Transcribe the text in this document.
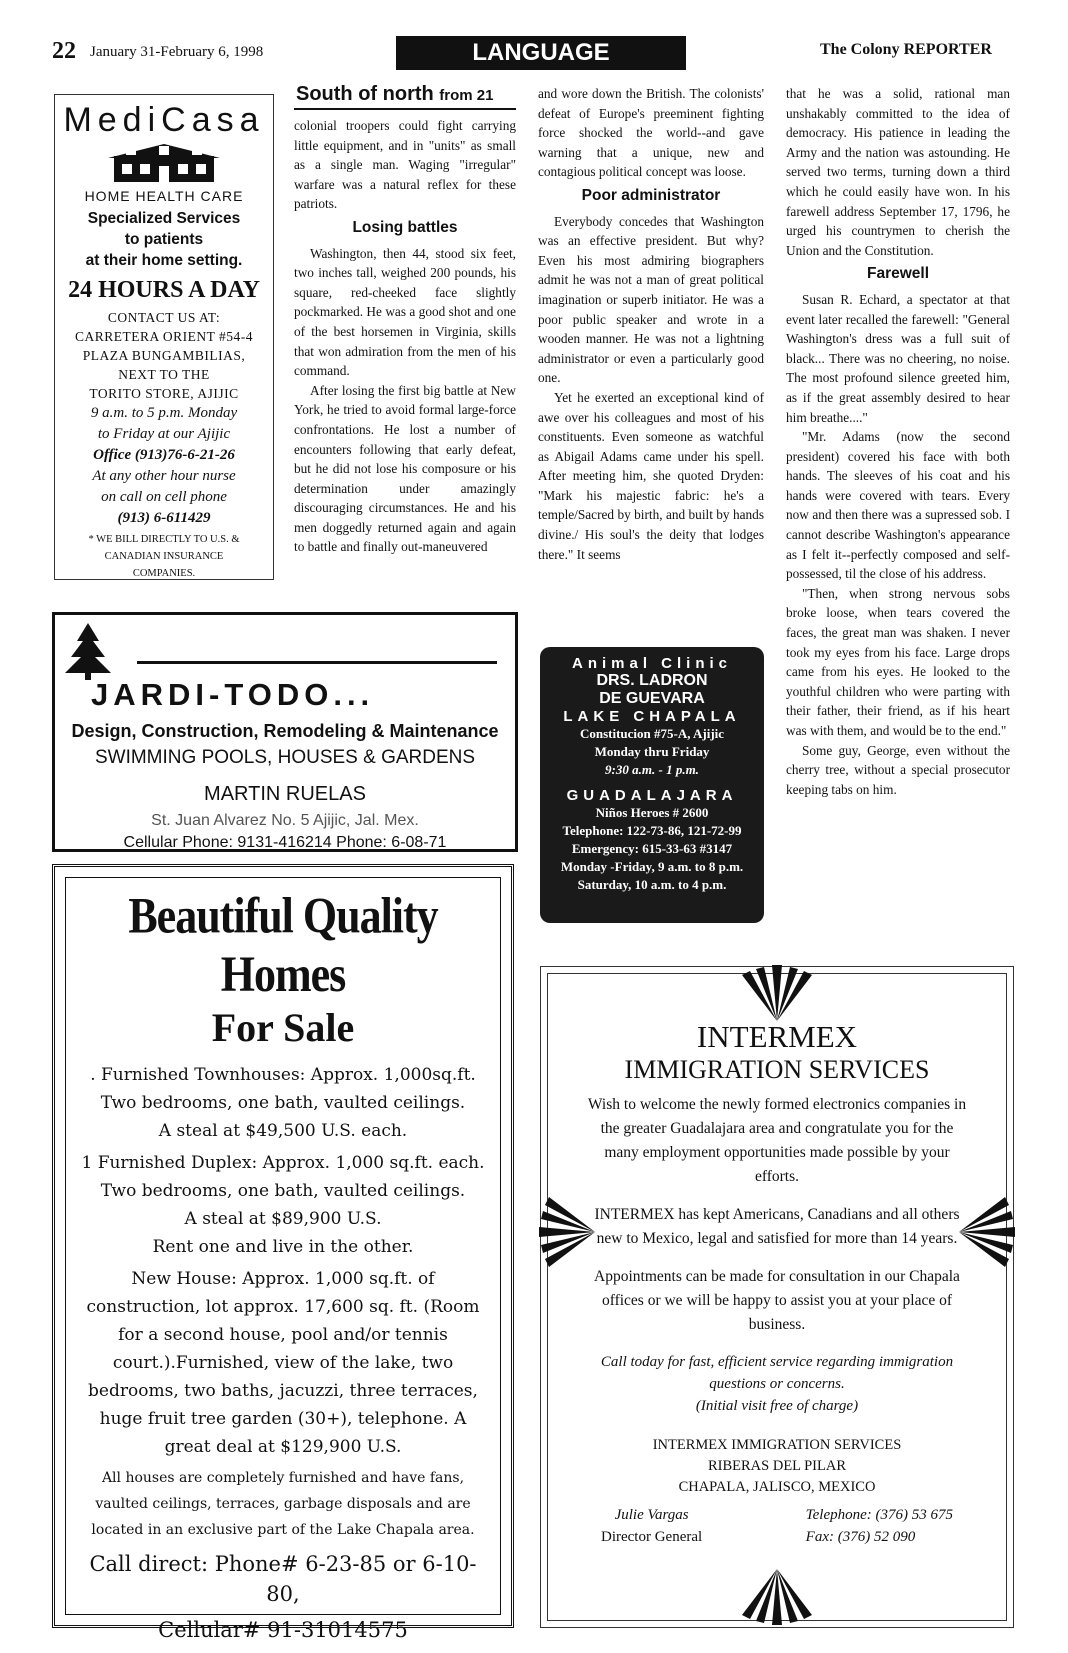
22 January 31-February 6, 1998	LANGUAGE	The Colony REPORTER
MediCasa
HOME HEALTH CARE
Specialized Services
to patients
at their home setting.
24 HOURS A DAY
CONTACT US AT:
CARRETERA ORIENT #54-4
PLAZA BUNGAMBILIAS,
NEXT TO THE
TORITO STORE, AJIJIC
9 a.m. to 5 p.m. Monday
to Friday at our Ajijic
Office (913)76-6-21-26
At any other hour nurse
on call on cell phone
(913) 6-611429
* WE BILL DIRECTLY TO U.S. &
CANADIAN INSURANCE
COMPANIES.
South of north from 21

colonial troopers could fight carrying little equipment, and in "units" as small as a single man. Waging "irregular" warfare was a natural reflex for these patriots.

Losing battles

Washington, then 44, stood six feet, two inches tall, weighed 200 pounds, his square, red-cheeked face slightly pockmarked. He was a good shot and one of the best horsemen in Virginia, skills that won admiration from the men of his command.

After losing the first big battle at New York, he tried to avoid formal large-force confrontations. He lost a number of encounters following that early defeat, but he did not lose his composure or his determination under amazingly discouraging circumstances. He and his men doggedly returned again and again to battle and finally out-maneuvered

and wore down the British. The colonists' defeat of Europe's preeminent fighting force shocked the world--and gave warning that a unique, new and contagious political concept was loose.

Poor administrator

Everybody concedes that Washington was an effective president. But why? Even his most admiring biographers admit he was not a man of great political imagination or superb initiator. He was a poor public speaker and wrote in a wooden manner. He was not a lightning administrator or even a particularly good one.

Yet he exerted an exceptional kind of awe over his colleagues and most of his constituents. Even someone as watchful as Abigail Adams came under his spell. After meeting him, she quoted Dryden: "Mark his majestic fabric: he's a temple/Sacred by birth, and built by hands divine./ His soul's the deity that lodges there." It seems

that he was a solid, rational man unshakably committed to the idea of democracy. His patience in leading the Army and the nation was astounding. He served two terms, turning down a third which he could easily have won. In his farewell address September 17, 1796, he urged his countrymen to cherish the Union and the Constitution.

Farewell

Susan R. Echard, a spectator at that event later recalled the farewell: "General Washington's dress was a full suit of black... There was no cheering, no noise. The most profound silence greeted him, as if the great assembly desired to hear him breathe...."

"Mr. Adams (now the second president) covered his face with both hands. The sleeves of his coat and his hands were covered with tears. Every now and then there was a supressed sob. I cannot describe Washington's appearance as I felt it--perfectly composed and self-possessed, til the close of his address.

"Then, when strong nervous sobs broke loose, when tears covered the faces, the great man was shaken. I never took my eyes from his face. Large drops came from his eyes. He looked to the youthful children who were parting with their father, their friend, as if his heart was with them, and would be to the end."

Some guy, George, even without the cherry tree, without a special prosecutor keeping tabs on him.

JARDI-TODO...
Design, Construction, Remodeling & Maintenance
SWIMMING POOLS, HOUSES & GARDENS
MARTIN RUELAS
St. Juan Alvarez No. 5 Ajijic, Jal. Mex.
Cellular Phone: 9131-416214 Phone: 6-08-71
Beautiful Quality Homes
For Sale

. Furnished Townhouses: Approx. 1,000sq.ft.
Two bedrooms, one bath, vaulted ceilings.
A steal at $49,500 U.S. each.

1 Furnished Duplex: Approx. 1,000 sq.ft. each.
Two bedrooms, one bath, vaulted ceilings.
A steal at $89,900 U.S.
Rent one and live in the other.

New House: Approx. 1,000 sq.ft. of construction, lot approx. 17,600 sq. ft. (Room for a second house, pool and/or tennis court.).Furnished, view of the lake, two bedrooms, two baths, jacuzzi, three terraces, huge fruit tree garden (30+), telephone. A great deal at $129,900 U.S.

All houses are completely furnished and have fans, vaulted ceilings, terraces, garbage disposals and are located in an exclusive part of the Lake Chapala area.

Call direct: Phone# 6-23-85 or 6-10-80,
Cellular# 91-31014575
Animal Clinic
DRS. LADRON
DE GUEVARA
LAKE CHAPALA
Constitucion #75-A, Ajijic
Monday thru Friday
9:30 a.m. - 1 p.m.
GUADALAJARA
Niños Heroes # 2600
Telephone: 122-73-86, 121-72-99
Emergency: 615-33-63 #3147
Monday -Friday, 9 a.m. to 8 p.m.
Saturday, 10 a.m. to 4 p.m.
INTERMEX
IMMIGRATION SERVICES
Wish to welcome the newly formed electronics companies in the greater Guadalajara area and congratulate you for the many employment opportunities made possible by your efforts.
INTERMEX has kept Americans, Canadians and all others new to Mexico, legal and satisfied for more than 14 years.
Appointments can be made for consultation in our Chapala offices or we will be happy to assist you at your place of business.
Call today for fast, efficient service regarding immigration questions or concerns.
(Initial visit free of charge)
INTERMEX IMMIGRATION SERVICES
RIBERAS DEL PILAR
CHAPALA, JALISCO, MEXICO
Julie Vargas
Director General
Telephone: (376) 53 675
Fax: (376) 52 090
